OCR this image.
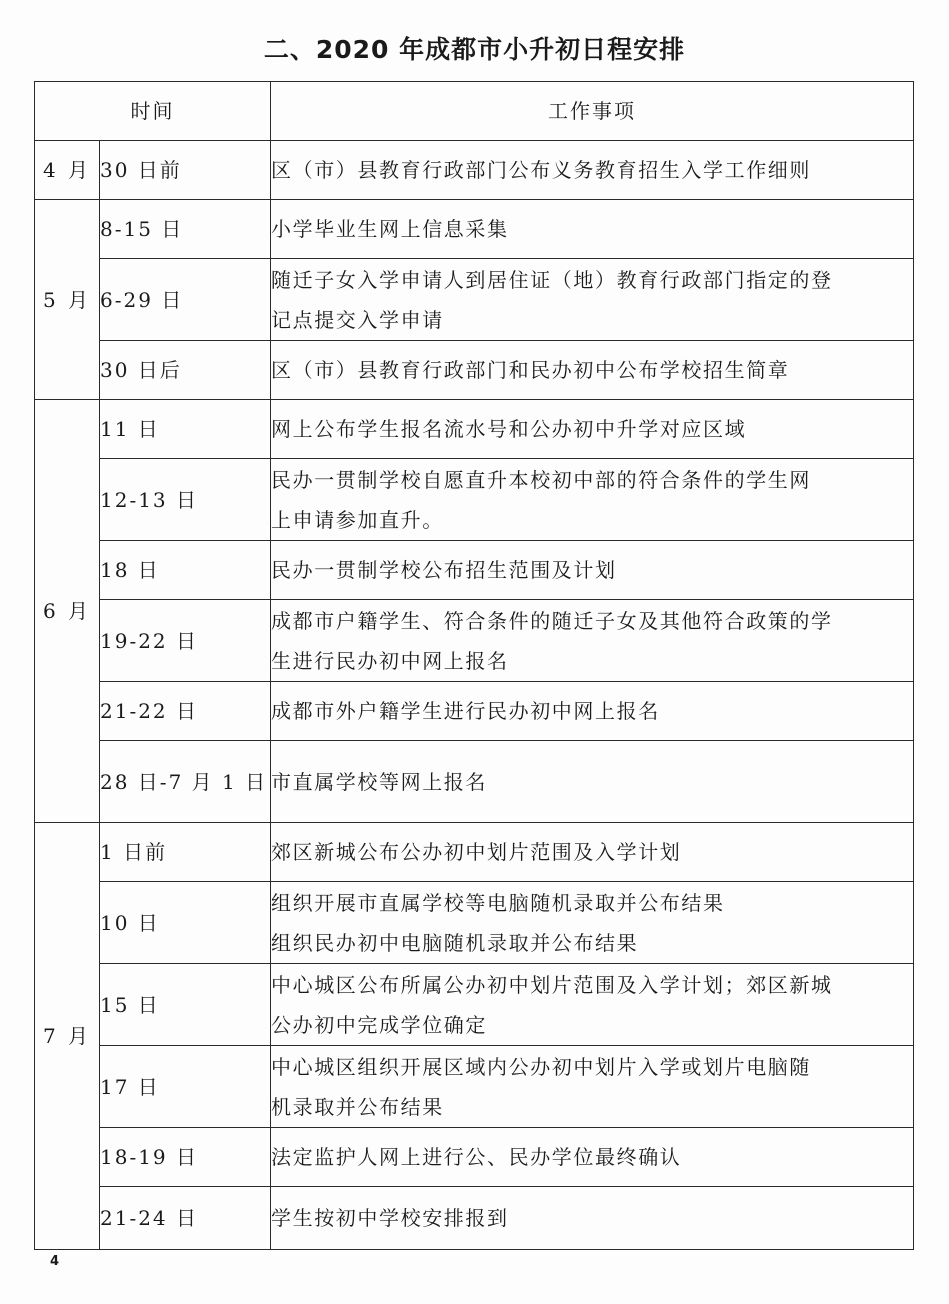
二、2020 年成都市小升初日程安排
时间		工作事项
4 月	30 日前	区（市）县教育行政部门公布义务教育招生入学工作细则

5 月	8-15 日	小学毕业生网上信息采集

	6-29 日	随迁子女入学申请人到居住证（地）教育行政部门指定的登
记点提交入学申请

	30 日后	区（市）县教育行政部门和民办初中公布学校招生简章

6 月	11 日	网上公布学生报名流水号和公办初中升学对应区域

	12-13 日	民办一贯制学校自愿直升本校初中部的符合条件的学生网
上申请参加直升。

	18 日	民办一贯制学校公布招生范围及计划

	19-22 日	成都市户籍学生、符合条件的随迁子女及其他符合政策的学
生进行民办初中网上报名

	21-22 日	成都市外户籍学生进行民办初中网上报名

	28 日-7 月 1 日	市直属学校等网上报名

7 月	1 日前	郊区新城公布公办初中划片范围及入学计划

	10 日	组织开展市直属学校等电脑随机录取并公布结果
组织民办初中电脑随机录取并公布结果

	15 日	中心城区公布所属公办初中划片范围及入学计划；郊区新城
公办初中完成学位确定

	17 日	中心城区组织开展区域内公办初中划片入学或划片电脑随
机录取并公布结果

	18-19 日	法定监护人网上进行公、民办学位最终确认

	21-24 日	学生按初中学校安排报到
4
